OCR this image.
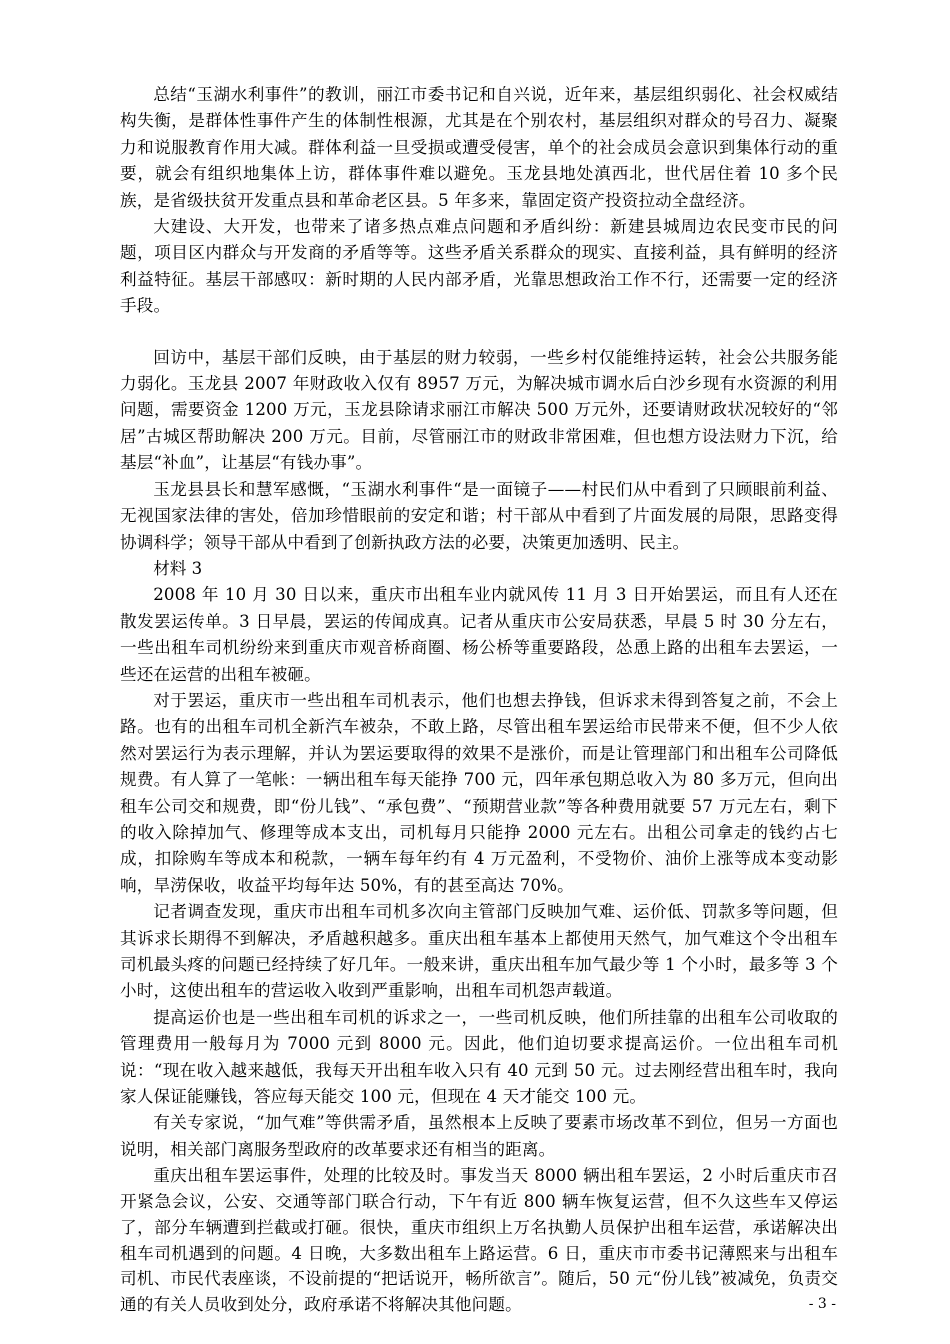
总结“玉湖水利事件”的教训，丽江市委书记和自兴说，近年来，基层组织弱化、社会权威结构失衡，是群体性事件产生的体制性根源，尤其是在个别农村，基层组织对群众的号召力、凝聚力和说服教育作用大减。群体利益一旦受损或遭受侵害，单个的社会成员会意识到集体行动的重要，就会有组织地集体上访，群体事件难以避免。玉龙县地处滇西北，世代居住着 10 多个民族，是省级扶贫开发重点县和革命老区县。5 年多来，靠固定资产投资拉动全盘经济。

大建设、大开发，也带来了诸多热点难点问题和矛盾纠纷：新建县城周边农民变市民的问题，项目区内群众与开发商的矛盾等等。这些矛盾关系群众的现实、直接利益，具有鲜明的经济利益特征。基层干部感叹：新时期的人民内部矛盾，光靠思想政治工作不行，还需要一定的经济手段。

回访中，基层干部们反映，由于基层的财力较弱，一些乡村仅能维持运转，社会公共服务能力弱化。玉龙县 2007 年财政收入仅有 8957 万元，为解决城市调水后白沙乡现有水资源的利用问题，需要资金 1200 万元，玉龙县除请求丽江市解决 500 万元外，还要请财政状况较好的“邻居”古城区帮助解决 200 万元。目前，尽管丽江市的财政非常困难，但也想方设法财力下沉，给基层“补血”，让基层“有钱办事”。

玉龙县县长和慧军感慨，“玉湖水利事件“是一面镜子——村民们从中看到了只顾眼前利益、无视国家法律的害处，倍加珍惜眼前的安定和谐；村干部从中看到了片面发展的局限，思路变得协调科学；领导干部从中看到了创新执政方法的必要，决策更加透明、民主。

材料 3

2008 年 10 月 30 日以来，重庆市出租车业内就风传 11 月 3 日开始罢运，而且有人还在散发罢运传单。3 日早晨，罢运的传闻成真。记者从重庆市公安局获悉，早晨 5 时 30 分左右，一些出租车司机纷纷来到重庆市观音桥商圈、杨公桥等重要路段，怂恿上路的出租车去罢运，一些还在运营的出租车被砸。

对于罢运，重庆市一些出租车司机表示，他们也想去挣钱，但诉求未得到答复之前，不会上路。也有的出租车司机全新汽车被杂，不敢上路，尽管出租车罢运给市民带来不便，但不少人依然对罢运行为表示理解，并认为罢运要取得的效果不是涨价，而是让管理部门和出租车公司降低规费。有人算了一笔帐：一辆出租车每天能挣 700 元，四年承包期总收入为 80 多万元，但向出租车公司交和规费，即“份儿钱”、“承包费”、“预期营业款”等各种费用就要 57 万元左右，剩下的收入除掉加气、修理等成本支出，司机每月只能挣 2000 元左右。出租公司拿走的钱约占七成，扣除购车等成本和税款，一辆车每年约有 4 万元盈利，不受物价、油价上涨等成本变动影响，旱涝保收，收益平均每年达 50%，有的甚至高达 70%。

记者调查发现，重庆市出租车司机多次向主管部门反映加气难、运价低、罚款多等问题，但其诉求长期得不到解决，矛盾越积越多。重庆出租车基本上都使用天然气，加气难这个令出租车司机最头疼的问题已经持续了好几年。一般来讲，重庆出租车加气最少等 1 个小时，最多等 3 个小时，这使出租车的营运收入收到严重影响，出租车司机怨声载道。

提高运价也是一些出租车司机的诉求之一，一些司机反映，他们所挂靠的出租车公司收取的管理费用一般每月为 7000 元到 8000 元。因此，他们迫切要求提高运价。一位出租车司机说：“现在收入越来越低，我每天开出租车收入只有 40 元到 50 元。过去刚经营出租车时，我向家人保证能赚钱，答应每天能交 100 元，但现在 4 天才能交 100 元。

有关专家说，“加气难”等供需矛盾，虽然根本上反映了要素市场改革不到位，但另一方面也说明，相关部门离服务型政府的改革要求还有相当的距离。

重庆出租车罢运事件，处理的比较及时。事发当天 8000 辆出租车罢运，2 小时后重庆市召开紧急会议，公安、交通等部门联合行动，下午有近 800 辆车恢复运营，但不久这些车又停运了，部分车辆遭到拦截或打砸。很快，重庆市组织上万名执勤人员保护出租车运营，承诺解决出租车司机遇到的问题。4 日晚，大多数出租车上路运营。6 日，重庆市市委书记薄熙来与出租车司机、市民代表座谈，不设前提的“把话说开，畅所欲言”。随后，50 元“份儿钱”被减免，负责交通的有关人员收到处分，政府承诺不将解决其他问题。	- 3 -
